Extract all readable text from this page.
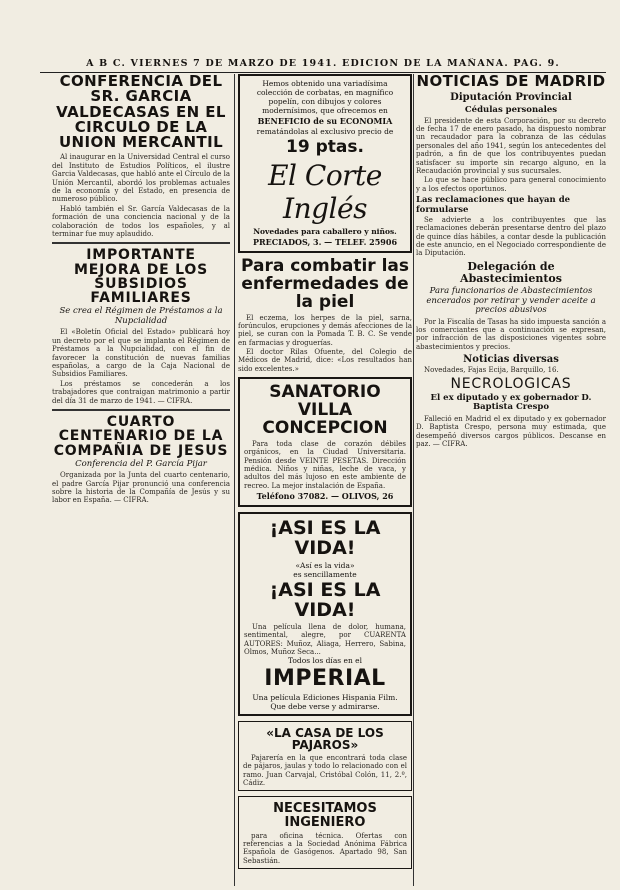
A B C. VIERNES 7 DE MARZO DE 1941. EDICION DE LA MAÑANA. PAG. 9.
CONFERENCIA DEL SR. GARCIA VALDECASAS EN EL CIRCULO DE LA UNION MERCANTIL

Al inaugurar en la Universidad Central el curso del Instituto de Estudios Políticos, el ilustre Garcia Valdecasas, que habló ante el Círculo de la Unión Mercantil, abordó los problemas actuales de la economía y del Estado, en presencia de numeroso público.

Habló también el Sr. García Valdecasas de la formación de una conciencia nacional y de la colaboración de todos los españoles, y al terminar fue muy aplaudido.

IMPORTANTE MEJORA DE LOS SUBSIDIOS FAMILIARES

Se crea el Régimen de Préstamos a la Nupcialidad

El «Boletín Oficial del Estado» publicará hoy un decreto por el que se implanta el Régimen de Préstamos a la Nupcialidad, con el fin de favorecer la constitución de nuevas familias españolas, a cargo de la Caja Nacional de Subsidios Familiares.

Los préstamos se concederán a los trabajadores que contraigan matrimonio a partir del día 31 de marzo de 1941. — CIFRA.

CUARTO CENTENARIO DE LA COMPAÑIA DE JESUS

Conferencia del P. García Pijar

Organizada por la Junta del cuarto centenario, el padre García Pijar pronunció una conferencia sobre la historia de la Compañía de Jesús y su labor en España. — CIFRA.

Hemos obtenido una variadísima colección de corbatas, en magnífico popelín, con dibujos y colores modernísimos, que ofrecemos en

BENEFICIO de su ECONOMIA

rematándolas al exclusivo precio de

19 ptas.

El Corte Inglés

Novedades para caballero y niños.

PRECIADOS, 3. — TELEF. 25906

Para combatir las enfermedades de la piel

El eczema, los herpes de la piel, sarna, forúnculos, erupciones y demás afecciones de la piel, se curan con la Pomada T. B. C. Se vende en farmacias y droguerías.

El doctor Rilas Ofuente, del Colegio de Médicos de Madrid, dice: «Los resultados han sido excelentes.»

SANATORIO VILLA CONCEPCION

Para toda clase de corazón débiles orgánicos, en la Ciudad Universitaria. Pensión desde VEINTE PESETAS. Dirección médica. Niños y niñas, leche de vaca, y adultos del más lujoso en este ambiente de recreo. La mejor instalación de España.

Teléfono 37082. — OLIVOS, 26

¡ASI ES LA VIDA!

«Así es la vida»

es sencillamente

¡ASI ES LA VIDA!

Una película llena de dolor, humana, sentimental, alegre, por CUARENTA AUTORES: Muñoz, Aliaga, Herrero, Sabina, Olmos, Muñoz Seca...

Todos los días en el

IMPERIAL

Una película Ediciones Hispania Film. Que debe verse y admirarse.

«LA CASA DE LOS PAJAROS»

Pajarería en la que encontrará toda clase de pájaros, jaulas y todo lo relacionado con el ramo. Juan Carvajal, Cristóbal Colón, 11, 2.º, Cádiz.

NECESITAMOS INGENIERO

para oficina técnica. Ofertas con referencias a la Sociedad Anónima Fábrica Española de Gasógenos. Apartado 98, San Sebastián.

NOTICIAS DE MADRID

Diputación Provincial

Cédulas personales

El presidente de esta Corporación, por su decreto de fecha 17 de enero pasado, ha dispuesto nombrar un recaudador para la cobranza de las cédulas personales del año 1941, según los antecedentes del padrón, a fin de que los contribuyentes puedan satisfacer su importe sin recargo alguno, en la Recaudación provincial y sus sucursales.

Lo que se hace público para general conocimiento y a los efectos oportunos.

Las reclamaciones que hayan de formularse

Se advierte a los contribuyentes que las reclamaciones deberán presentarse dentro del plazo de quince días hábiles, a contar desde la publicación de este anuncio, en el Negociado correspondiente de la Diputación.

Delegación de Abastecimientos

Para funcionarios de Abastecimientos encerados por retirar y vender aceite a precios abusivos

Por la Fiscalía de Tasas ha sido impuesta sanción a los comerciantes que a continuación se expresan, por infracción de las disposiciones vigentes sobre abastecimientos y precios.

Noticias diversas

Novedades, Fajas Ecija, Barquillo, 16.

NECROLOGICAS

El ex diputado y ex gobernador D. Baptista Crespo

Falleció en Madrid el ex diputado y ex gobernador D. Baptista Crespo, persona muy estimada, que desempeñó diversos cargos públicos. Descanse en paz. — CIFRA.
